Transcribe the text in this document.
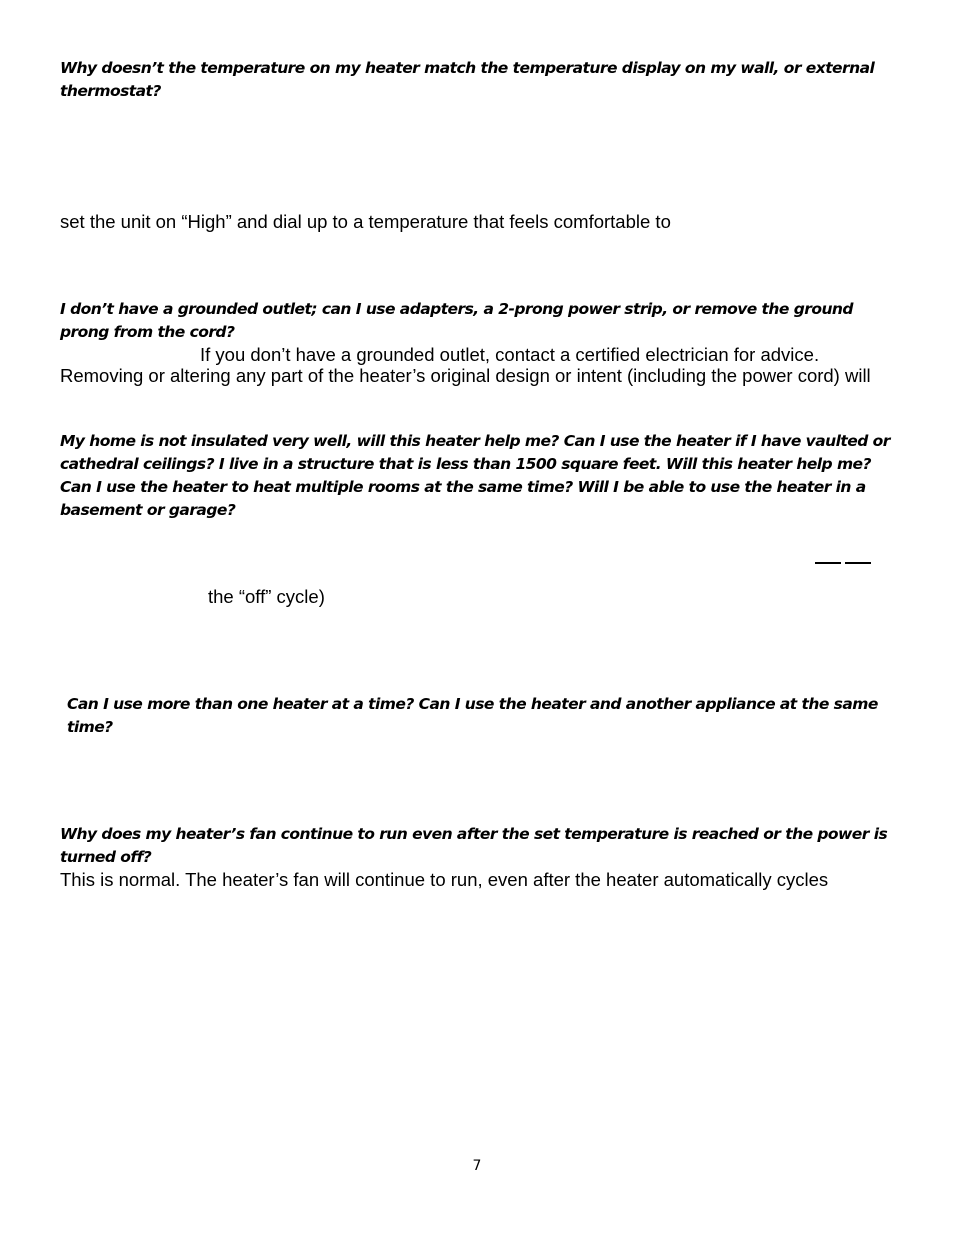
Why doesn’t the temperature on my heater match the temperature display on my wall, or external thermostat?

set the unit on “High” and dial up to a temperature that feels comfortable to

I don’t have a grounded outlet; can I use adapters, a 2-prong power strip, or remove the ground prong from the cord?

If you don’t have a grounded outlet, contact a certified electrician for advice.

Removing or altering any part of the heater’s original design or intent (including the power cord) will

My home is not insulated very well, will this heater help me? Can I use the heater if I have vaulted or cathedral ceilings? I live in a structure that is less than 1500 square feet. Will this heater help me? Can I use the heater to heat multiple rooms at the same time? Will I be able to use the heater in a basement or garage?

the “off” cycle)

Can I use more than one heater at a time? Can I use the heater and another appliance at the same time?

Why does my heater’s fan continue to run even after the set temperature is reached or the power is turned off?

This is normal. The heater’s fan will continue to run, even after the heater automatically cycles

7
